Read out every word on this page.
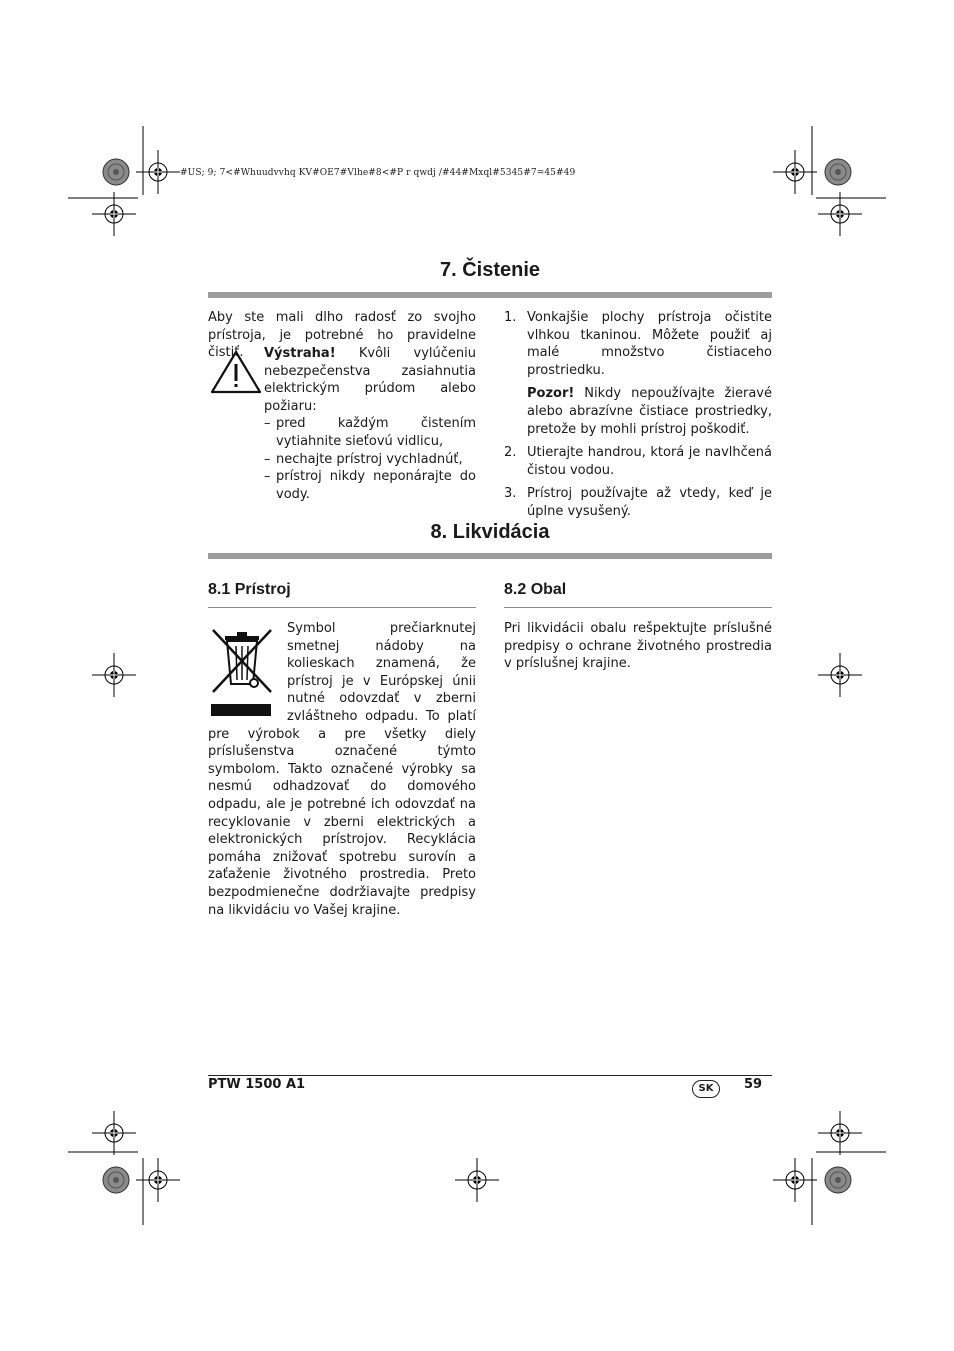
#US; 9; 7<#Whuudvvhq KV#OE7#Vlhe#8<#P r qwdj /#44#Mxql#5345#7=45#49
7. Čistenie
Aby ste mali dlho radosť zo svojho prístroja, je potrebné ho pravidelne čistiť.	Výstraha! Kvôli vylúčeniu nebezpečenstva zasiahnutia elektrickým prúdom alebo požiaru:
– pred každým čistením vytiahnite sieťovú vidlicu,
– nechajte prístroj vychladnúť,
– prístroj nikdy neponárajte do vody.
1. Vonkajšie plochy prístroja očistite vlhkou tkaninou. Môžete použiť aj malé množstvo čistiaceho prostriedku.
Pozor! Nikdy nepoužívajte žieravé alebo abrazívne čistiace prostriedky, pretože by mohli prístroj poškodiť.
2. Utierajte handrou, ktorá je navlhčená čistou vodou.
3. Prístroj používajte až vtedy, keď je úplne vysušený.
8. Likvidácia
8.1 Prístroj	8.2 Obal
Symbol prečiarknutej smetnej nádoby na kolieskach znamená, že prístroj je v Európskej únii nutné odovzdať v zberni zvláštneho odpadu. To platí pre výrobok a pre všetky diely príslušenstva označené týmto symbolom. Takto označené výrobky sa nesmú odhadzovať do domového odpadu, ale je potrebné ich odovzdať na recyklovanie v zberni elektrických a elektronických prístrojov. Recyklácia pomáha znižovať spotrebu surovín a zaťaženie životného prostredia. Preto bezpodmienečne dodržiavajte predpisy na likvidáciu vo Vašej krajine.
Pri likvidácii obalu rešpektujte príslušné predpisy o ochrane životného prostredia v príslušnej krajine.
PTW 1500 A1	SK	59
